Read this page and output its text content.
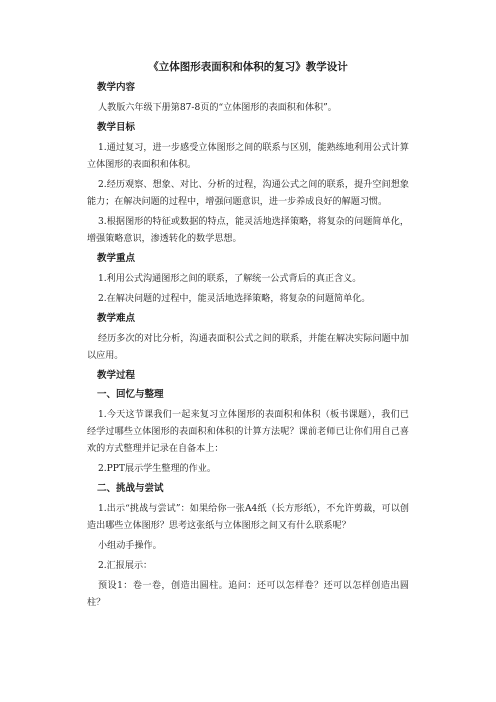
《立体图形表面积和体积的复习》教学设计
教学内容
人教版六年级下册第87-8页的“立体图形的表面积和体积”。
教学目标
1.通过复习，进一步感受立体图形之间的联系与区别，能熟练地利用公式计算立体图形的表面积和体积。
2.经历观察、想象、对比、分析的过程，沟通公式之间的联系，提升空间想象能力；在解决问题的过程中，增强问题意识，进一步养成良好的解题习惯。
3.根据图形的特征或数据的特点，能灵活地选择策略，将复杂的问题简单化，增强策略意识，渗透转化的数学思想。
教学重点
1.利用公式沟通图形之间的联系，了解统一公式背后的真正含义。
2.在解决问题的过程中，能灵活地选择策略，将复杂的问题简单化。
教学难点
经历多次的对比分析，沟通表面积公式之间的联系，并能在解决实际问题中加以应用。
教学过程
一、回忆与整理
1.今天这节课我们一起来复习立体图形的表面积和体积（板书课题），我们已经学过哪些立体图形的表面积和体积的计算方法呢？课前老师已让你们用自己喜欢的方式整理并记录在自备本上：
2.PPT展示学生整理的作业。
二、挑战与尝试
1.出示“挑战与尝试”：如果给你一张A4纸（长方形纸），不允许剪裁，可以创造出哪些立体图形？思考这张纸与立体图形之间又有什么联系呢？
小组动手操作。
2.汇报展示：
预设1：卷一卷，创造出圆柱。追问：还可以怎样卷？还可以怎样创造出圆柱？
